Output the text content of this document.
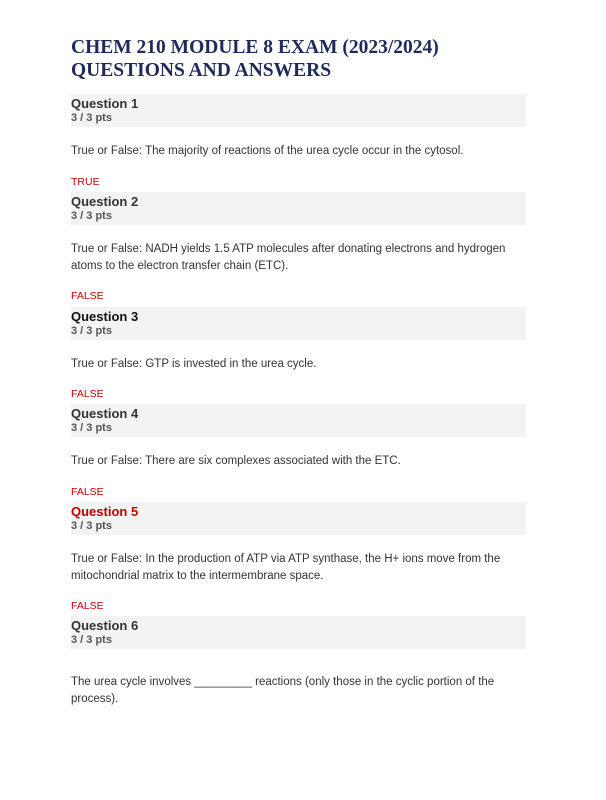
CHEM 210 MODULE 8 EXAM (2023/2024)
QUESTIONS AND ANSWERS
Question 1
3 / 3 pts
True or False: The majority of reactions of the urea cycle occur in the cytosol.
TRUE
Question 2
3 / 3 pts
True or False: NADH yields 1.5 ATP molecules after donating electrons and hydrogen atoms to the electron transfer chain (ETC).
FALSE
Question 3
3 / 3 pts
True or False: GTP is invested in the urea cycle.
FALSE
Question 4
3 / 3 pts
True or False: There are six complexes associated with the ETC.
FALSE
Question 5
3 / 3 pts
True or False: In the production of ATP via ATP synthase, the H+ ions move from the mitochondrial matrix to the intermembrane space.
FALSE
Question 6
3 / 3 pts
The urea cycle involves _________ reactions (only those in the cyclic portion of the process).
